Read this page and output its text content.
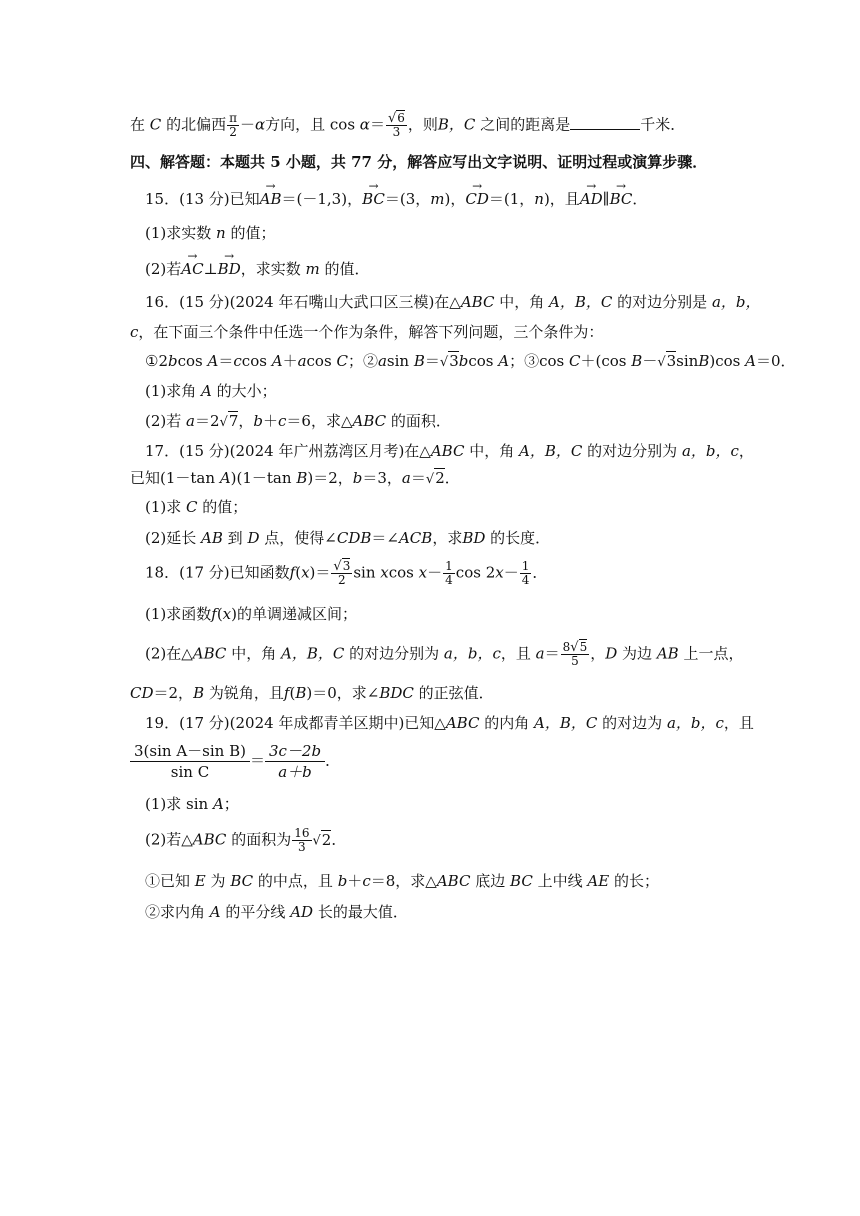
在 C 的北偏西 $\frac{\pi}{2} -\alpha$方向，且 $\cos \alpha= \frac{√6}{3}$ ，则B，C 之间的距离是	千米．
四、解答题：本题共 5 小题，共 77 分，解答应写出文字说明、证明过程或演算步骤．
15．(13 分)已知→ AB＝(－1,3)，→ BC＝(3，m)，→ CD＝(1，n)，且→ AD∥→ BC．
(1)求实数 n 的值；
(2)若→ AC⊥→ BD，求实数 m 的值．
16．(15 分)(2024 年石嘴山大武口区三模)在△ABC 中，角 A，B，C 的对边分别是 a，b，
c，在下面三个条件中任选一个作为条件，解答下列问题，三个条件为：
①2bcos A＝ccos A＋acos C；②asin B＝√3bcos A；③cos C＋(cos B－√3sinB)cos A＝0．
(1)求角 A 的大小；
(2)若 a＝2√7，b＋c＝6，求△ABC 的面积．
17．(15 分)(2024 年广州荔湾区月考)在△ABC 中，角 A，B，C 的对边分别为 a，b，c，
已知(1－tan A)(1－tan B)＝2，b＝3，a＝√2．
(1)求 C 的值；
(2)延长 AB 到 D 点，使得∠CDB＝∠ACB，求BD 的长度．
18．(17 分)已知函数$f(x)= \frac{√3}{2}$ sin xcos $x- \frac{1}{4}$ $\cos 2x- \frac{1}{4}$ ．
(1)求函数f(x)的单调递减区间；
(2)在△ABC 中，角 A，B，C 的对边分别为 a，b，c，且 $a= \frac{8√5}{5}$ ，D 为边 AB 上一点，
CD＝2，B 为锐角，且f(B)＝0，求∠BDC 的正弦值．
19．(17 分)(2024 年成都青羊区期中)已知△ABC 的内角 A，B，C 的对边为 a，b，c，且
$\frac{\text{3(sin A－sin B)}}{\text{sin C}} = \frac{3c-2b}{a+b}$ ．
(1)求 sin A；
(2)若△ABC 的面积为 $\frac{16}{3} √2$．
①已知 E 为 BC 的中点，且 b＋c＝8，求△ABC 底边 BC 上中线 AE 的长；
②求内角 A 的平分线 AD 长的最大值．
